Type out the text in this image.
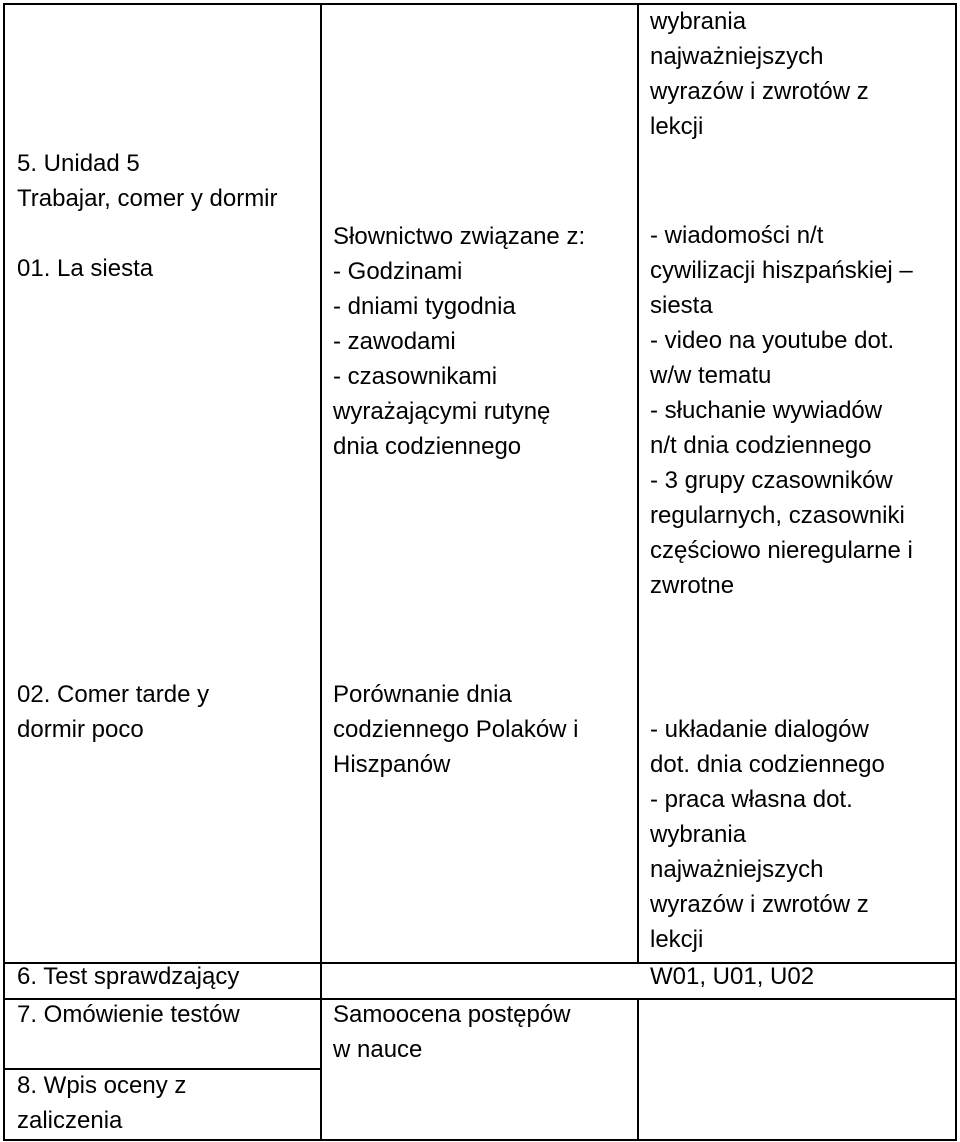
5. Unidad 5
Trabajar, comer y dormir

01. La siesta
Słownictwo związane z:
- Godzinami
- dniami tygodnia
- zawodami
- czasownikami
wyrażającymi rutynę
dnia codziennego
wybrania
najważniejszych
wyrazów i zwrotów z
lekcji
- wiadomości n/t
cywilizacji hiszpańskiej –
siesta
- video na youtube dot.
w/w tematu
- słuchanie wywiadów
n/t dnia codziennego
- 3 grupy czasowników
regularnych, czasowniki
częściowo nieregularne i
zwrotne
02. Comer tarde y
dormir poco
Porównanie dnia
codziennego Polaków i
Hiszpanów
- układanie dialogów
dot. dnia codziennego
- praca własna dot.
wybrania
najważniejszych
wyrazów i zwrotów z
lekcji
6. Test sprawdzający	W01, U01, U02
7. Omówienie testów	Samoocena postępów
w nauce
8. Wpis oceny z
zaliczenia
